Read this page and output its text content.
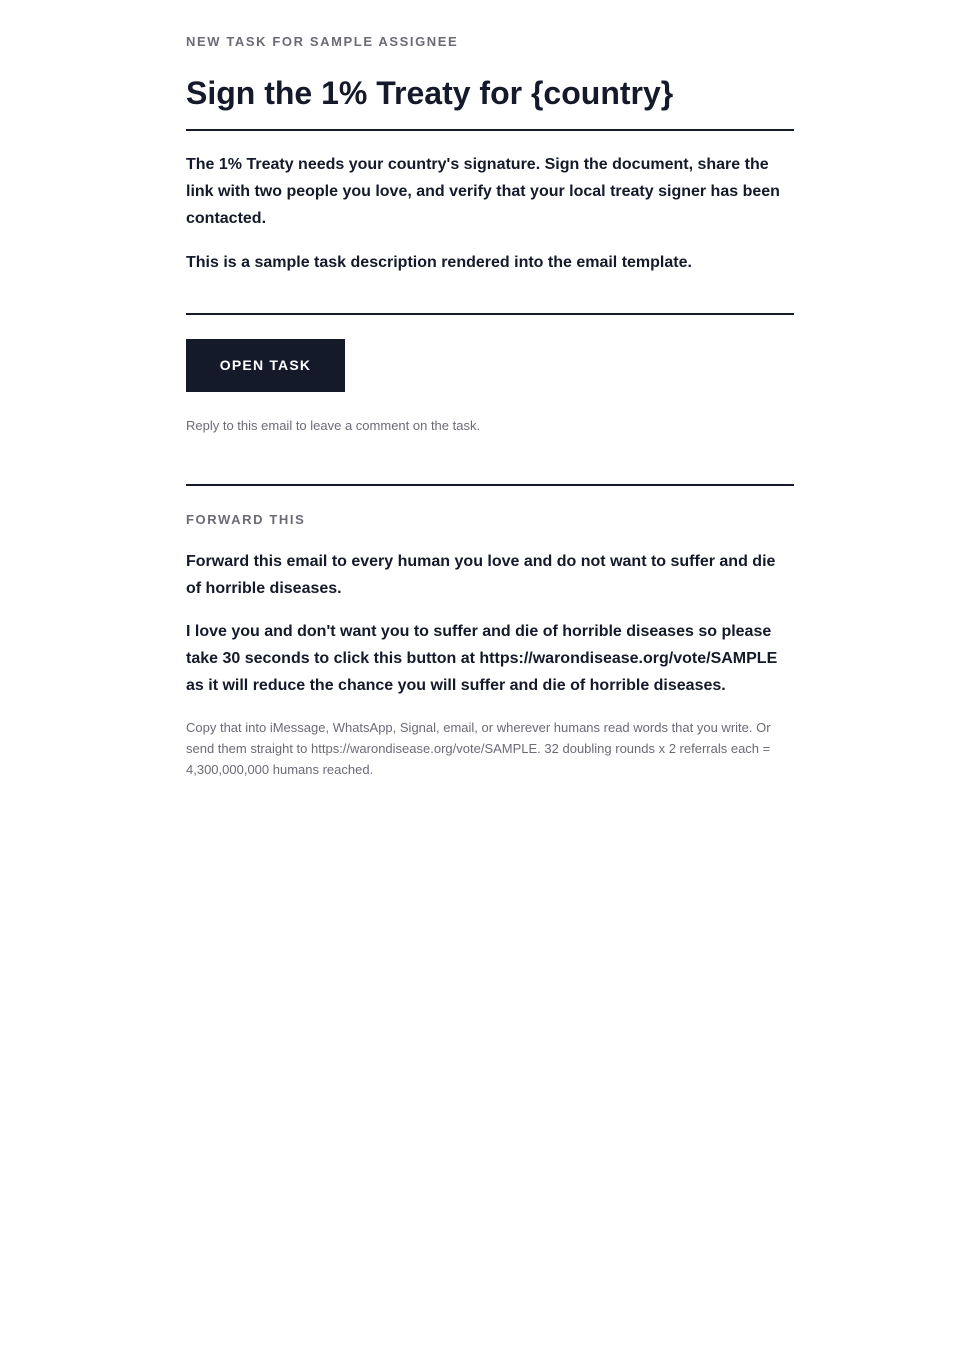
NEW TASK FOR SAMPLE ASSIGNEE
Sign the 1% Treaty for {country}

The 1% Treaty needs your country's signature. Sign the document, share the link with two people you love, and verify that your local treaty signer has been contacted.

This is a sample task description rendered into the email template.

OPEN TASK

Reply to this email to leave a comment on the task.

FORWARD THIS

Forward this email to every human you love and do not want to suffer and die of horrible diseases.

I love you and don't want you to suffer and die of horrible diseases so please take 30 seconds to click this button at https://warondisease.org/vote/SAMPLE as it will reduce the chance you will suffer and die of horrible diseases.

Copy that into iMessage, WhatsApp, Signal, email, or wherever humans read words that you write. Or send them straight to https://warondisease.org/vote/SAMPLE. 32 doubling rounds x 2 referrals each = 4,300,000,000 humans reached.
